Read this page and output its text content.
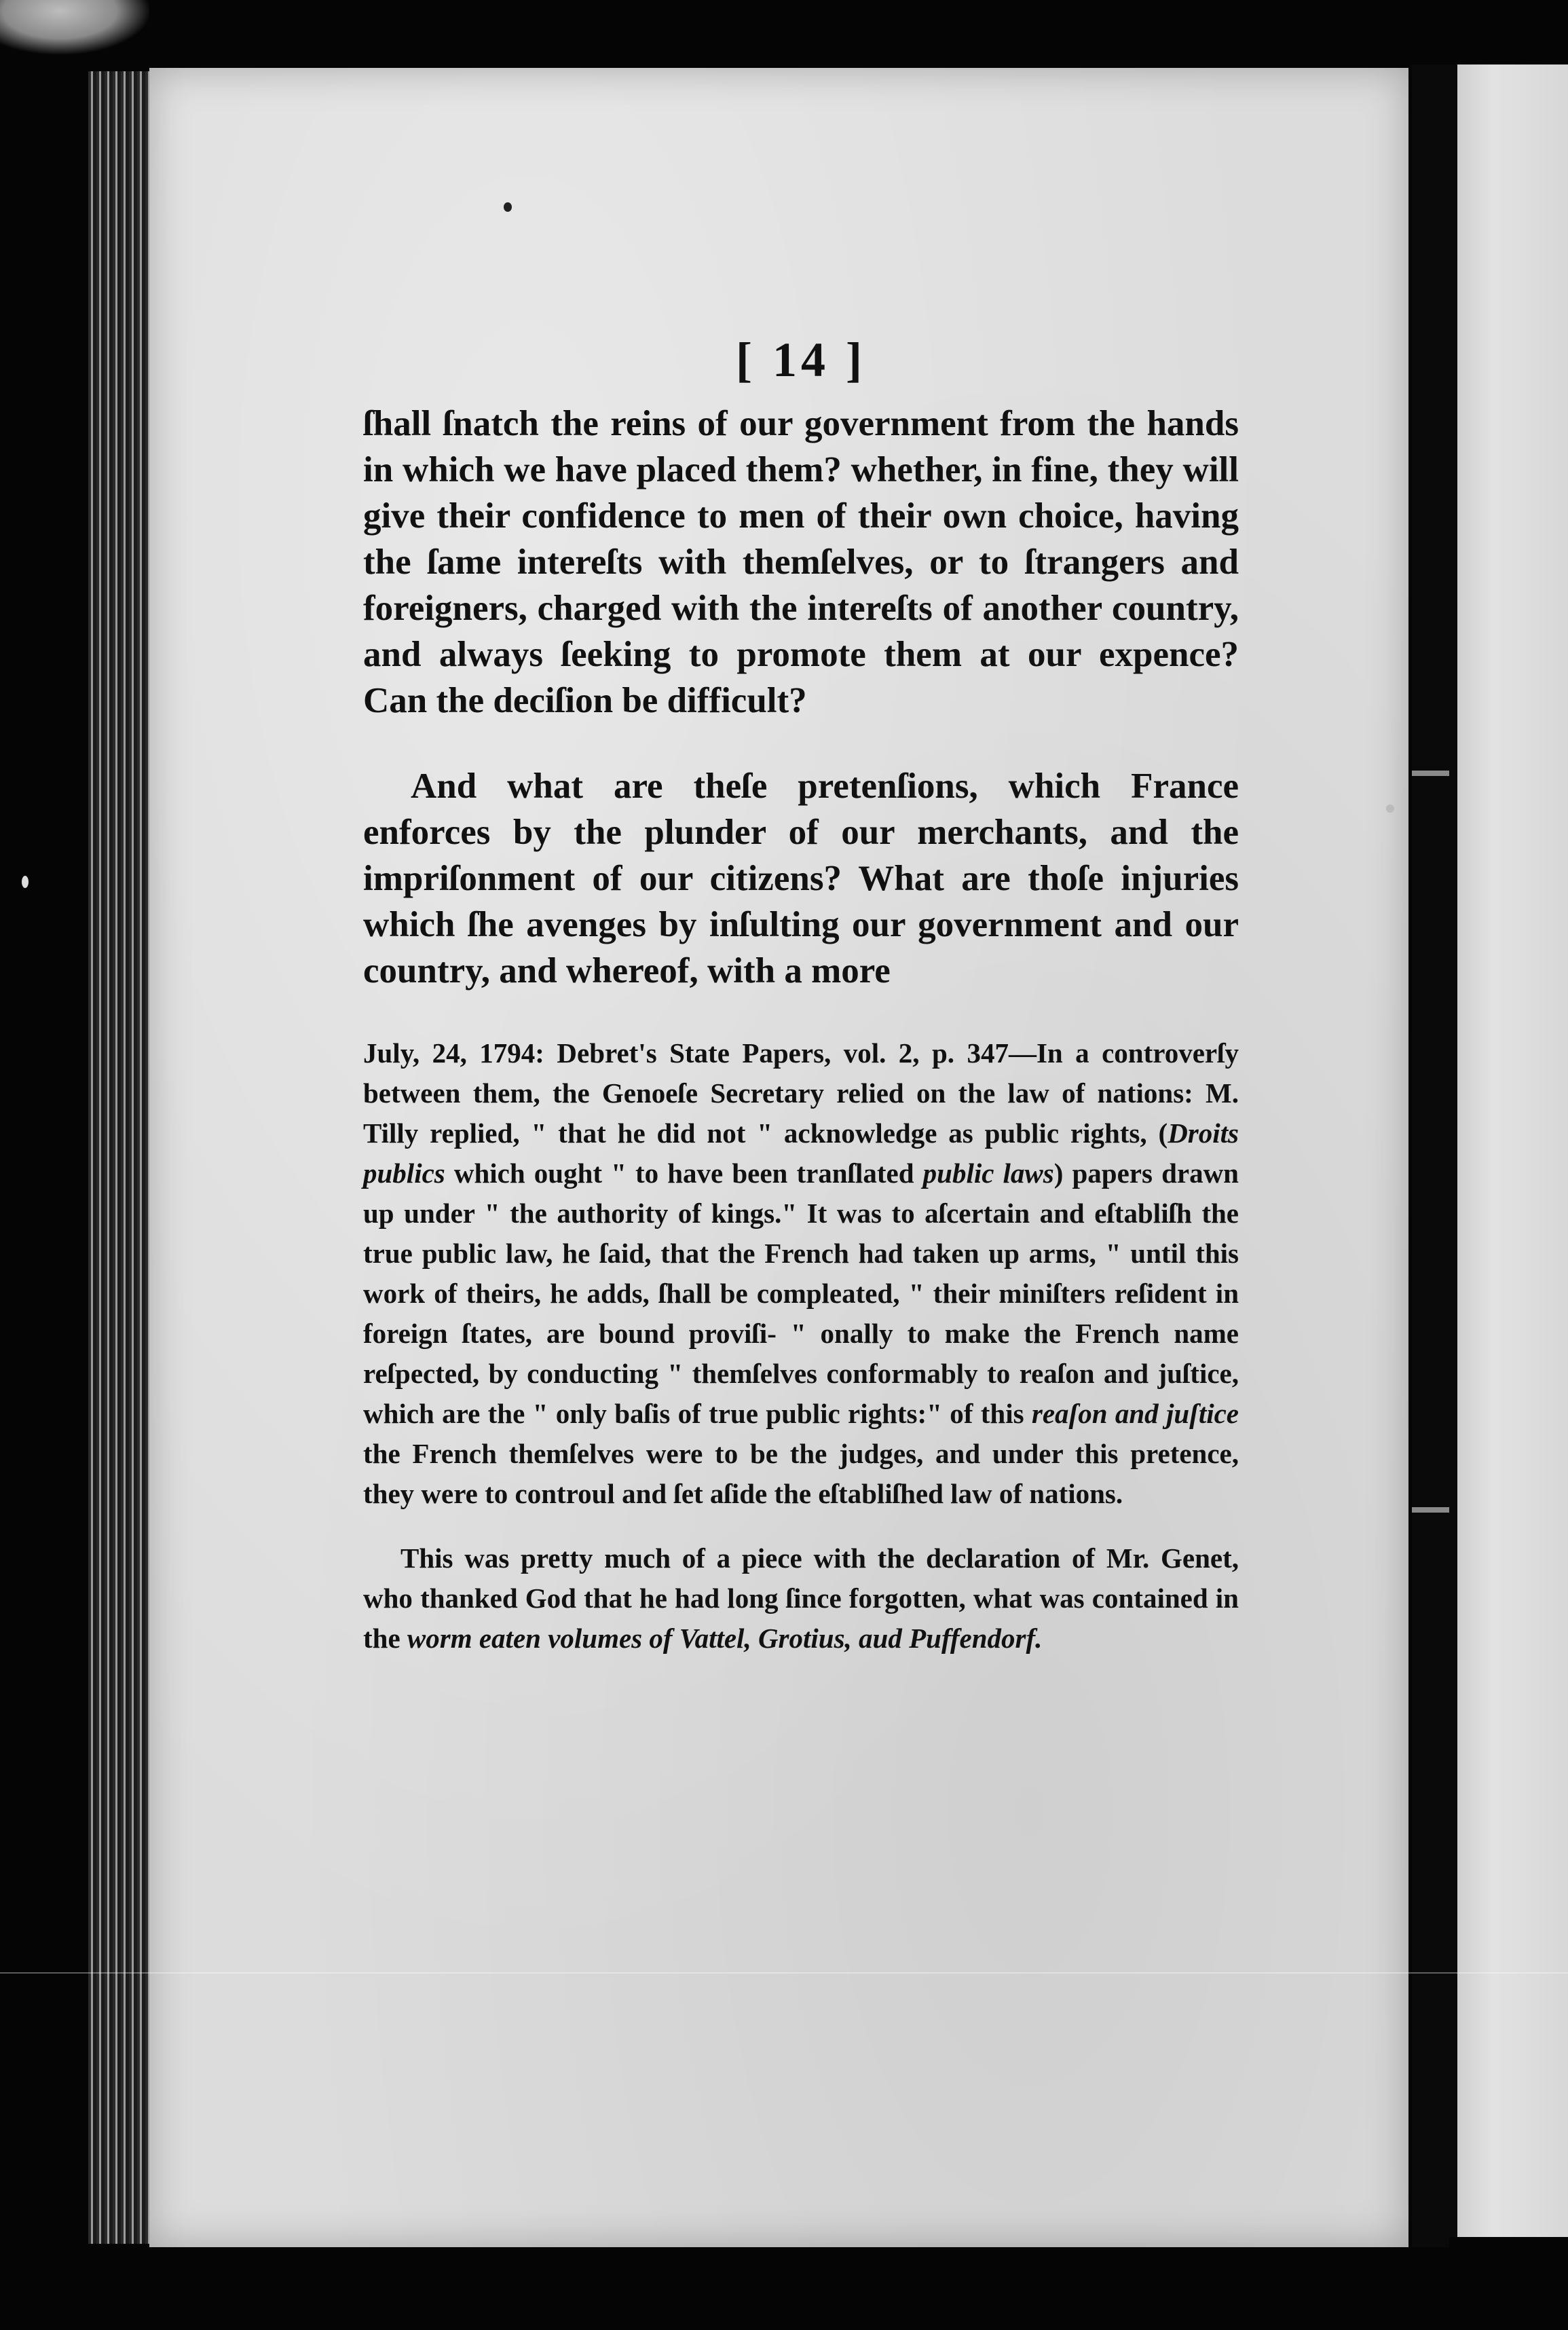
[ 14 ]

ſhall ſnatch the reins of our government from the hands in which we have placed them? whether, in fine, they will give their confidence to men of their own choice, having the ſame intereſts with themſelves, or to ſtrangers and foreigners, charged with the intereſts of another country, and always ſeeking to promote them at our expence? Can the deciſion be difficult?

And what are theſe pretenſions, which France enforces by the plunder of our merchants, and the impriſonment of our citizens? What are thoſe injuries which ſhe avenges by inſulting our government and our country, and whereof, with a more

July, 24, 1794: Debret's State Papers, vol. 2, p. 347—In a controverſy between them, the Genoeſe Secretary relied on the law of nations: M. Tilly replied, " that he did not " acknowledge as public rights, (Droits publics which ought " to have been tranſlated public laws) papers drawn up under " the authority of kings." It was to aſcertain and eſtabliſh the true public law, he ſaid, that the French had taken up arms, " until this work of theirs, he adds, ſhall be compleated, " their miniſters reſident in foreign ſtates, are bound proviſi- " onally to make the French name reſpected, by conducting " themſelves conformably to reaſon and juſtice, which are the " only baſis of true public rights:" of this reaſon and juſtice the French themſelves were to be the judges, and under this pretence, they were to controul and ſet aſide the eſtabliſhed law of nations.

This was pretty much of a piece with the declaration of Mr. Genet, who thanked God that he had long ſince forgotten, what was contained in the worm eaten volumes of Vattel, Grotius, aud Puffendorf.
